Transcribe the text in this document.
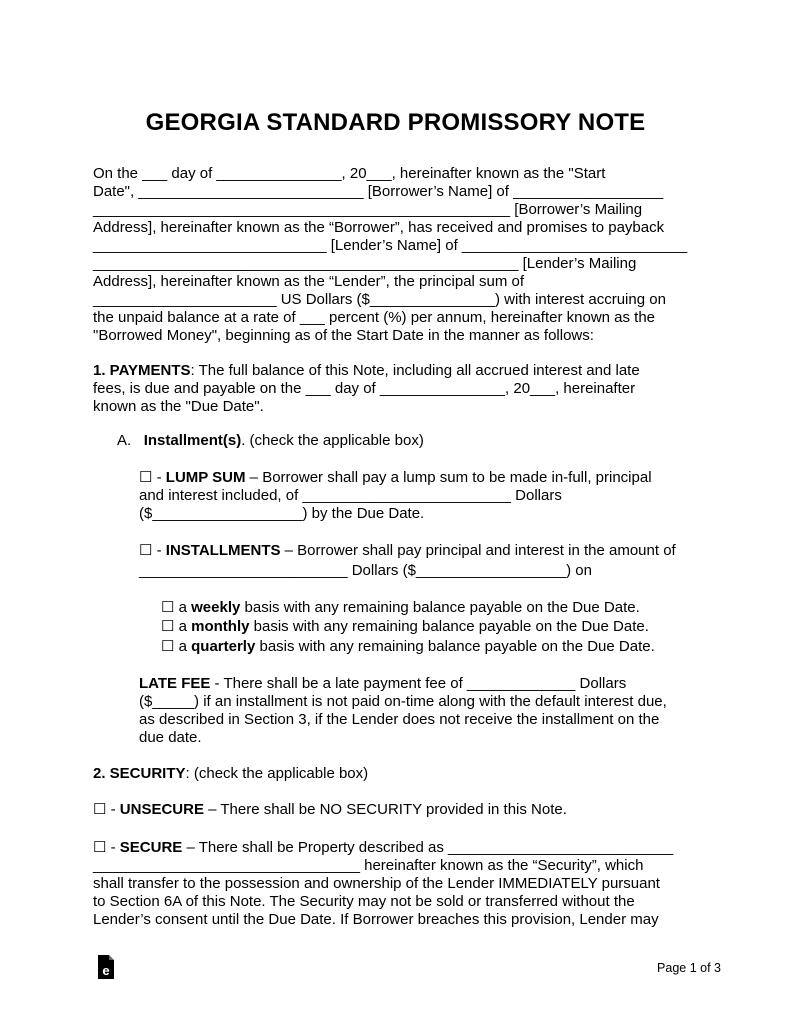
GEORGIA STANDARD PROMISSORY NOTE
On the ___ day of _______________, 20___, hereinafter known as the "Start
Date", ___________________________ [Borrower’s Name] of __________________
__________________________________________________ [Borrower’s Mailing
Address], hereinafter known as the “Borrower”, has received and promises to payback
____________________________ [Lender’s Name] of ___________________________
___________________________________________________ [Lender’s Mailing
Address], hereinafter known as the “Lender”, the principal sum of
______________________ US Dollars ($_______________) with interest accruing on
the unpaid balance at a rate of ___ percent (%) per annum, hereinafter known as the
"Borrowed Money", beginning as of the Start Date in the manner as follows:
1. PAYMENTS: The full balance of this Note, including all accrued interest and late
fees, is due and payable on the ___ day of _______________, 20___, hereinafter
known as the "Due Date".
A. Installment(s). (check the applicable box)
☐ - LUMP SUM – Borrower shall pay a lump sum to be made in-full, principal
and interest included, of _________________________ Dollars
($__________________) by the Due Date.
☐ - INSTALLMENTS – Borrower shall pay principal and interest in the amount of
_________________________ Dollars ($__________________) on
☐ a weekly basis with any remaining balance payable on the Due Date.
☐ a monthly basis with any remaining balance payable on the Due Date.
☐ a quarterly basis with any remaining balance payable on the Due Date.
LATE FEE - There shall be a late payment fee of _____________ Dollars
($_____) if an installment is not paid on-time along with the default interest due,
as described in Section 3, if the Lender does not receive the installment on the
due date.
2. SECURITY: (check the applicable box)
☐ - UNSECURE – There shall be NO SECURITY provided in this Note.
☐ - SECURE – There shall be Property described as ___________________________
________________________________ hereinafter known as the “Security”, which
shall transfer to the possession and ownership of the Lender IMMEDIATELY pursuant
to Section 6A of this Note. The Security may not be sold or transferred without the
Lender’s consent until the Due Date. If Borrower breaches this provision, Lender may
e	Page 1 of 3
